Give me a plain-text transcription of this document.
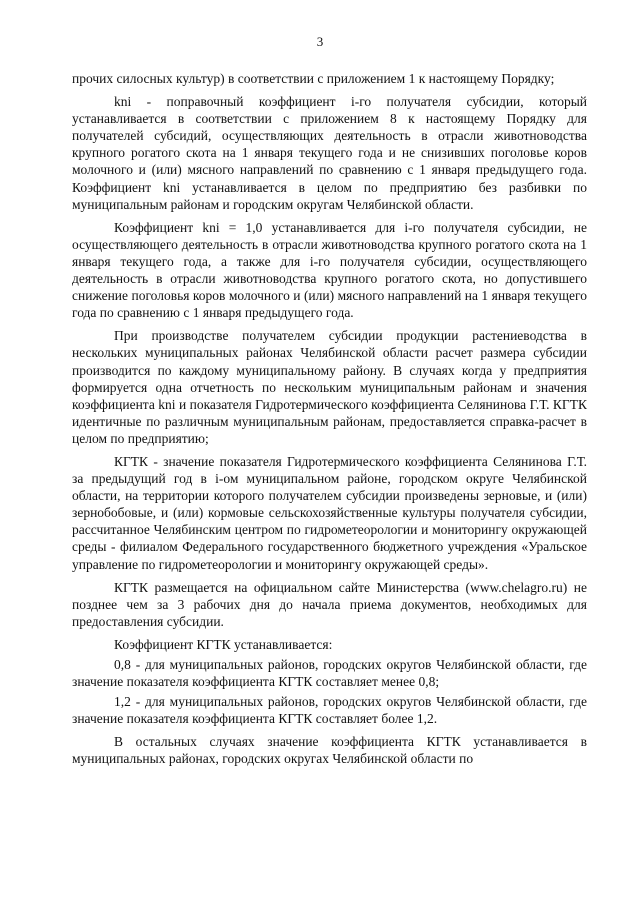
3

прочих силосных культур) в соответствии с приложением 1 к настоящему Порядку;

kni - поправочный коэффициент i-го получателя субсидии, который устанавливается в соответствии с приложением 8 к настоящему Порядку для получателей субсидий, осуществляющих деятельность в отрасли животноводства крупного рогатого скота на 1 января текущего года и не снизивших поголовье коров молочного и (или) мясного направлений по сравнению с 1 января предыдущего года. Коэффициент kni устанавливается в целом по предприятию без разбивки по муниципальным районам и городским округам Челябинской области.

Коэффициент kni = 1,0 устанавливается для i-го получателя субсидии, не осуществляющего деятельность в отрасли животноводства крупного рогатого скота на 1 января текущего года, а также для i-го получателя субсидии, осуществляющего деятельность в отрасли животноводства крупного рогатого скота, но допустившего снижение поголовья коров молочного и (или) мясного направлений на 1 января текущего года по сравнению с 1 января предыдущего года.

При производстве получателем субсидии продукции растениеводства в нескольких муниципальных районах Челябинской области расчет размера субсидии производится по каждому муниципальному району. В случаях когда у предприятия формируется одна отчетность по нескольким муниципальным районам и значения коэффициента kni и показателя Гидротермического коэффициента Селянинова Г.Т. КГТК идентичные по различным муниципальным районам, предоставляется справка-расчет в целом по предприятию;

КГТК - значение показателя Гидротермического коэффициента Селянинова Г.Т. за предыдущий год в i-ом муниципальном районе, городском округе Челябинской области, на территории которого получателем субсидии произведены зерновые, и (или) зернобобовые, и (или) кормовые сельскохозяйственные культуры получателя субсидии, рассчитанное Челябинским центром по гидрометеорологии и мониторингу окружающей среды - филиалом Федерального государственного бюджетного учреждения «Уральское управление по гидрометеорологии и мониторингу окружающей среды».

КГТК размещается на официальном сайте Министерства (www.chelagro.ru) не позднее чем за 3 рабочих дня до начала приема документов, необходимых для предоставления субсидии.

Коэффициент КГТК устанавливается:

0,8 - для муниципальных районов, городских округов Челябинской области, где значение показателя коэффициента КГТК составляет менее 0,8;

1,2 - для муниципальных районов, городских округов Челябинской области, где значение показателя коэффициента КГТК составляет более 1,2.

В остальных случаях значение коэффициента КГТК устанавливается в муниципальных районах, городских округах Челябинской области по
